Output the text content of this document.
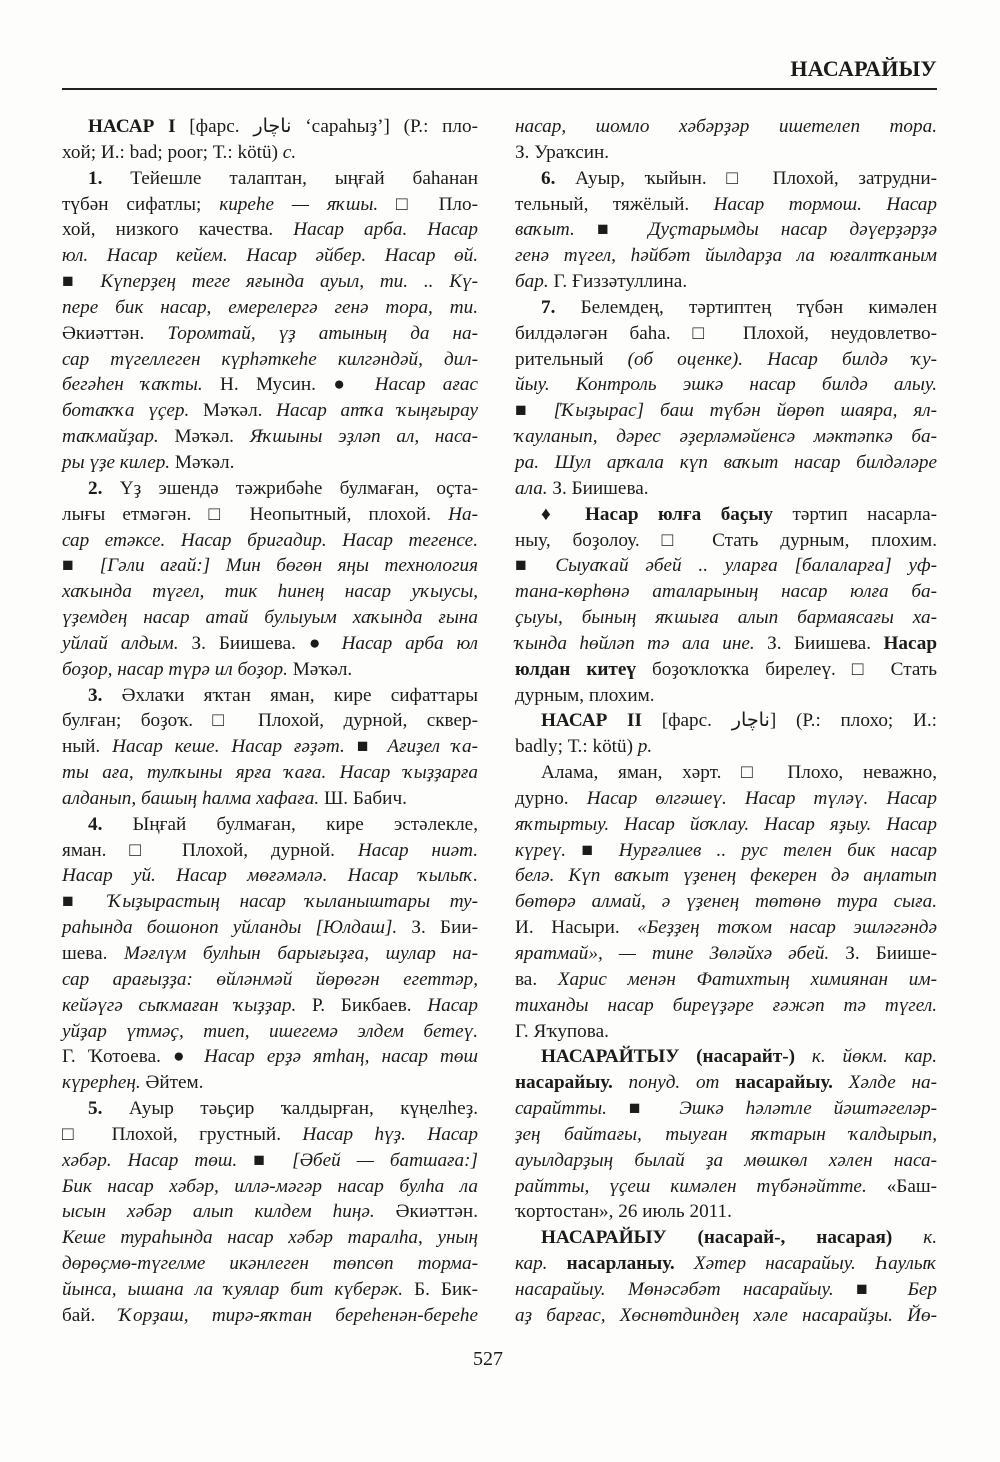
НАСАРАЙЫУ
НАСАР I [фарс. ناچار ‘сараһыҙ’] (Р.: пло-
хой; И.: bad; poor; Т.: kötü) с.
1. Тейешле талаптан, ыңғай баһанан
түбән сифатлы; киреһе — яҡшы. □ Пло-
хой, низкого качества. Насар арба. Насар
юл. Насар кейем. Насар әйбер. Насар өй.
■ Күперҙең теге яғында ауыл, ти. .. Кү-
пере бик насар, емерелергә генә тора, ти.
Әкиәттән. Торомтай, үҙ атының да на-
сар түгеллеген күрһәткеһе килгәндәй, дил-
бегәһен ҡаҡты. Н. Мусин. ● Насар ағас
ботаҡҡа үҫер. Мәҡәл. Насар атҡа ҡыңғырау
таҡмайҙар. Мәҡәл. Яҡшыны эҙләп ал, наса-
ры үҙе килер. Мәҡәл.
2. Үҙ эшендә тәжрибәһе булмаған, оҫта-
лығы етмәгән. □ Неопытный, плохой. На-
сар етәксе. Насар бригадир. Насар тегенсе.
■ [Гәли ағай:] Мин бөгөн яңы технология
хаҡында түгел, тик һинең насар уҡыусы,
үҙемдең насар атай булыуым хаҡында ғына
уйлай алдым. З. Биишева. ● Насар арба юл
боҙор, насар түрә ил боҙор. Мәҡәл.
3. Әхлаҡи яҡтан яман, кире сифаттары
булған; боҙоҡ. □ Плохой, дурной, сквер-
ный. Насар кеше. Насар ғәҙәт. ■ Ағиҙел ҡа-
ты аға, тулҡыны ярға ҡаға. Насар ҡыҙҙарға
алданып, башың һалма хафаға. Ш. Бабич.
4. Ыңғай булмаған, кире эстәлекле,
яман. □ Плохой, дурной. Насар ниәт.
Насар уй. Насар мөғәмәлә. Насар ҡылыҡ.
■ Ҡыҙырастың насар ҡыланыштары ту-
раһында бошоноп уйланды [Юлдаш]. З. Бии-
шева. Мәғлүм булһын барығыҙға, шулар на-
сар арағыҙҙа: өйләнмәй йөрөгән егеттәр,
кейәүгә сыҡмаған ҡыҙҙар. Р. Бикбаев. Насар
уйҙар үтмәҫ, тиеп, ишегемә элдем бетеү.
Г. Ҡотоева. ● Насар ерҙә ятһаң, насар төш
күрерһең. Әйтем.
5. Ауыр тәьҫир ҡалдырған, күңелһеҙ.
□ Плохой, грустный. Насар һүҙ. Насар
хәбәр. Насар төш. ■ [Әбей — батшаға:]
Бик насар хәбәр, иллә-мәгәр насар булһа ла
ысын хәбәр алып килдем һиңә. Әкиәттән.
Кеше тураһында насар хәбәр таралһа, уның
дөрөҫмө-түгелме икәнлеген төпсөп торма-
йынса, ышана ла ҡуялар бит күберәк. Б. Бик-
бай. Ҡорҙаш, тирә-яҡтан береһенән-береһе
насар, шомло хәбәрҙәр ишетелеп тора.
З. Ураҡсин.
6. Ауыр, ҡыйын. □ Плохой, затрудни-
тельный, тяжёлый. Насар тормош. Насар
ваҡыт. ■ Дуҫтарымды насар дәүерҙәрҙә
генә түгел, һәйбәт йылдарҙа ла юғалтҡаным
бар. Г. Ғиззәтуллина.
7. Белемдең, тәртиптең түбән кимәлен
билдәләгән баһа. □ Плохой, неудовлетво-
рительный (об оценке). Насар билдә ҡу-
йыу. Контроль эшкә насар билдә алыу.
■ [Ҡыҙырас] баш түбән йөрөп шаяра, ял-
ҡауланып, дәрес әҙерләмәйенсә мәктәпкә ба-
ра. Шул арҡала күп ваҡыт насар билдәләре
ала. З. Биишева.
♦ Насар юлға баҫыу тәртип насарла-
ныу, боҙолоу. □ Стать дурным, плохим.
■ Сыуаҡай әбей .. уларға [балаларға] уф-
тана-көрһөнә аталарының насар юлға ба-
ҫыуы, бының яҡшыға алып бармаясағы ха-
ҡында һөйләп тә ала ине. З. Биишева. Насар
юлдан китеү боҙоҡлоҡҡа бирелеү. □ Стать
дурным, плохим.
НАСАР II [фарс. ناچار] (Р.: плохо; И.:
badly; Т.: kötü) р.
Алама, яман, хәрт. □ Плохо, неважно,
дурно. Насар өлгәшеү. Насар түләү. Насар
яҡтыртыу. Насар йоҡлау. Насар яҙыу. Насар
күреү. ■ Нурғәлиев .. рус телен бик насар
белә. Күп ваҡыт үҙенең фекерен дә аңлатып
бөтөрә алмай, ә үҙенең төтөнө тура сыға.
И. Насыри. «Беҙҙең тоҡом насар эшләгәндә
яратмай», — тине Зөләйхә әбей. З. Биише-
ва. Харис менән Фатихтың химиянан им-
тиханды насар биреүҙәре ғәжәп тә түгел.
Г. Яҡупова.
НАСАРАЙТЫУ (насарайт-) к. йөкм. кар.
насарайыу. понуд. от насарайыу. Хәлде на-
сарайтты. ■ Эшкә һәләтле йәштәгеләр-
ҙең байтағы, тыуған яҡтарын ҡалдырып,
ауылдарҙың былай ҙа мөшкөл хәлен наса-
райтты, үҫеш кимәлен түбәнәйтте. «Баш-
ҡортостан», 26 июль 2011.
НАСАРАЙЫУ (насарай-, насарая) к.
кар. насарланыу. Хәтер насарайыу. Һаулыҡ
насарайыу. Мөнәсәбәт насарайыу. ■ Бер
аҙ барғас, Хөснөтдиндең хәле насарайҙы. Йө-
527
